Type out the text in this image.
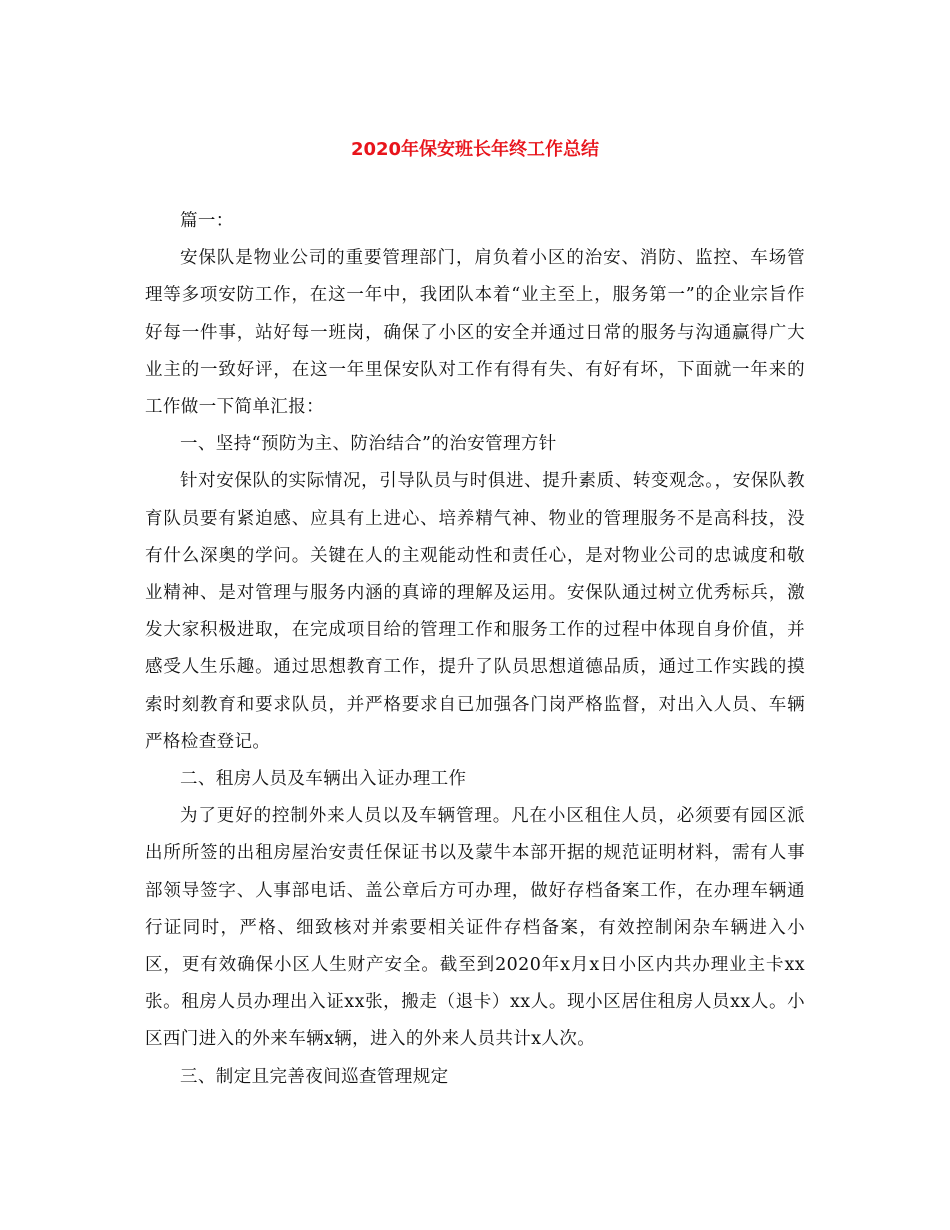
2020年保安班长年终工作总结

篇一：

安保队是物业公司的重要管理部门，肩负着小区的治安、消防、监控、车场管理等多项安防工作，在这一年中，我团队本着“业主至上，服务第一”的企业宗旨作好每一件事，站好每一班岗，确保了小区的安全并通过日常的服务与沟通赢得广大业主的一致好评，在这一年里保安队对工作有得有失、有好有坏，下面就一年来的工作做一下简单汇报：

一、坚持“预防为主、防治结合”的治安管理方针

针对安保队的实际情况，引导队员与时俱进、提升素质、转变观念。，安保队教育队员要有紧迫感、应具有上进心、培养精气神、物业的管理服务不是高科技，没有什么深奥的学问。关键在人的主观能动性和责任心，是对物业公司的忠诚度和敬业精神、是对管理与服务内涵的真谛的理解及运用。安保队通过树立优秀标兵，激发大家积极进取，在完成项目给的管理工作和服务工作的过程中体现自身价值，并感受人生乐趣。通过思想教育工作，提升了队员思想道德品质，通过工作实践的摸索时刻教育和要求队员，并严格要求自已加强各门岗严格监督，对出入人员、车辆严格检查登记。

二、租房人员及车辆出入证办理工作

为了更好的控制外来人员以及车辆管理。凡在小区租住人员，必须要有园区派出所所签的出租房屋治安责任保证书以及蒙牛本部开据的规范证明材料，需有人事部领导签字、人事部电话、盖公章后方可办理，做好存档备案工作，在办理车辆通行证同时，严格、细致核对并索要相关证件存档备案，有效控制闲杂车辆进入小区，更有效确保小区人生财产安全。截至到2020年x月x日小区内共办理业主卡xx张。租房人员办理出入证xx张，搬走（退卡）xx人。现小区居住租房人员xx人。小区西门进入的外来车辆x辆，进入的外来人员共计x人次。

三、制定且完善夜间巡查管理规定
